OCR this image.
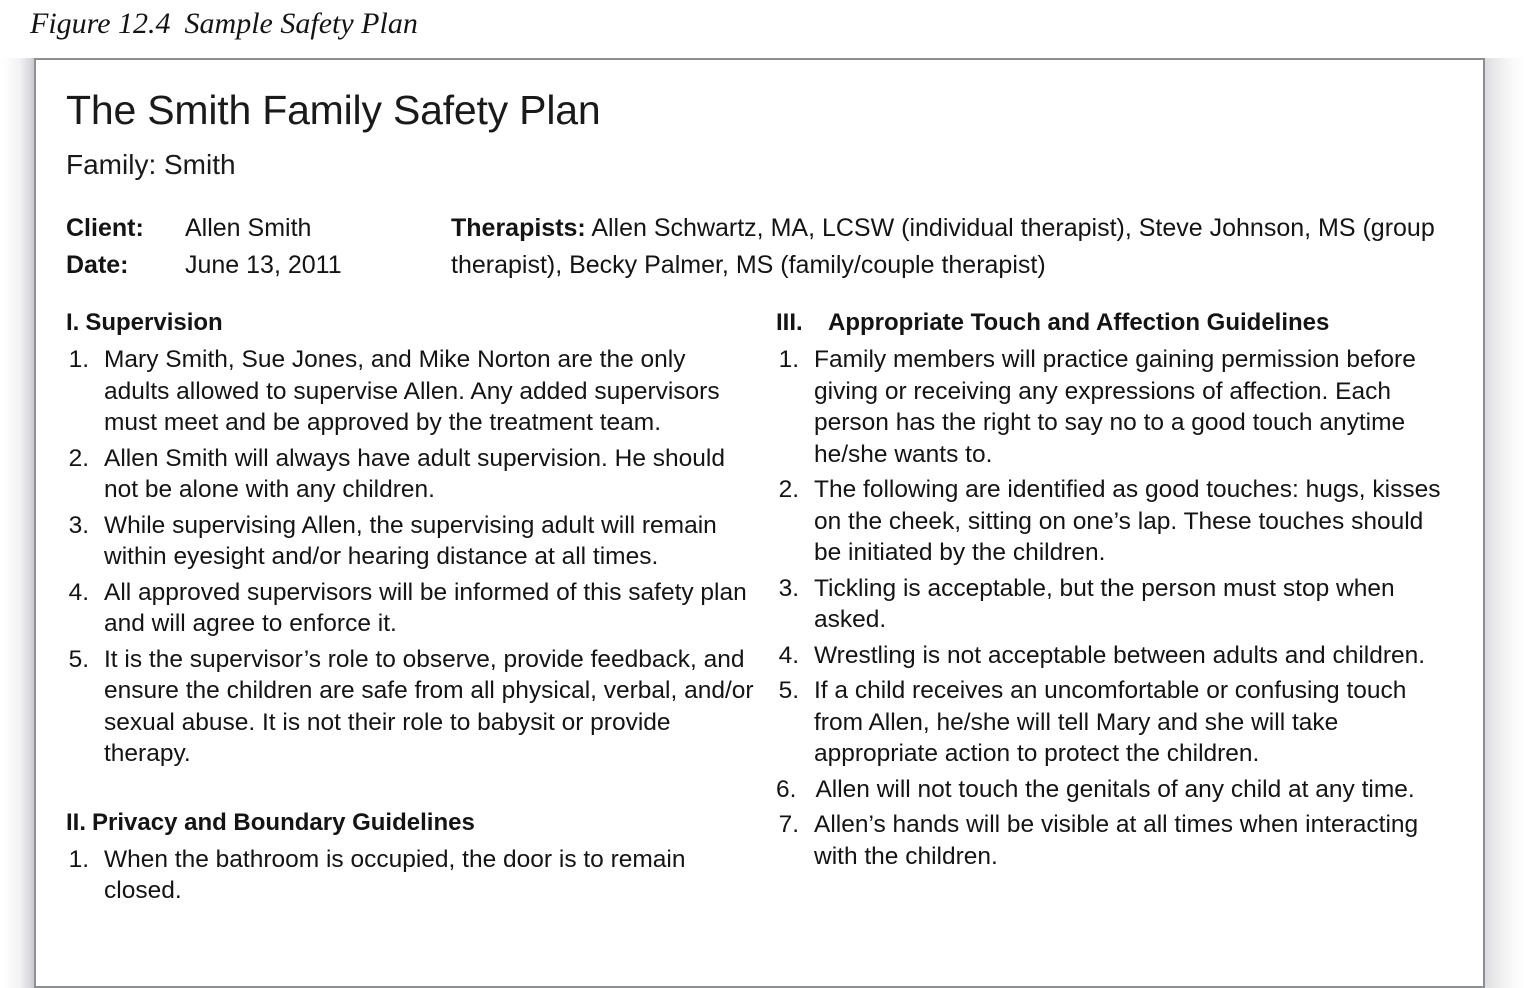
Figure 12.4 Sample Safety Plan
The Smith Family Safety Plan
Family: Smith
Client:	Allen Smith
Date:	June 13, 2011
Therapists: Allen Schwartz, MA, LCSW (individual therapist), Steve Johnson, MS (group therapist), Becky Palmer, MS (family/couple therapist)
I. Supervision
1. Mary Smith, Sue Jones, and Mike Norton are the only adults allowed to supervise Allen. Any added supervisors must meet and be approved by the treatment team.
2. Allen Smith will always have adult supervision. He should not be alone with any children.
3. While supervising Allen, the supervising adult will remain within eyesight and/or hearing distance at all times.
4. All approved supervisors will be informed of this safety plan and will agree to enforce it.
5. It is the supervisor’s role to observe, provide feedback, and ensure the children are safe from all physical, verbal, and/or sexual abuse. It is not their role to babysit or provide therapy.
II. Privacy and Boundary Guidelines
1. When the bathroom is occupied, the door is to remain closed.
III.	Appropriate Touch and Affection Guidelines
1. Family members will practice gaining permission before giving or receiving any expressions of affection. Each person has the right to say no to a good touch anytime he/she wants to.
2. The following are identified as good touches: hugs, kisses on the cheek, sitting on one’s lap. These touches should be initiated by the children.
3. Tickling is acceptable, but the person must stop when asked.
4. Wrestling is not acceptable between adults and children.
5. If a child receives an uncomfortable or confusing touch from Allen, he/she will tell Mary and she will take appropriate action to protect the children.
6. Allen will not touch the genitals of any child at any time.
7. Allen’s hands will be visible at all times when interacting with the children.
